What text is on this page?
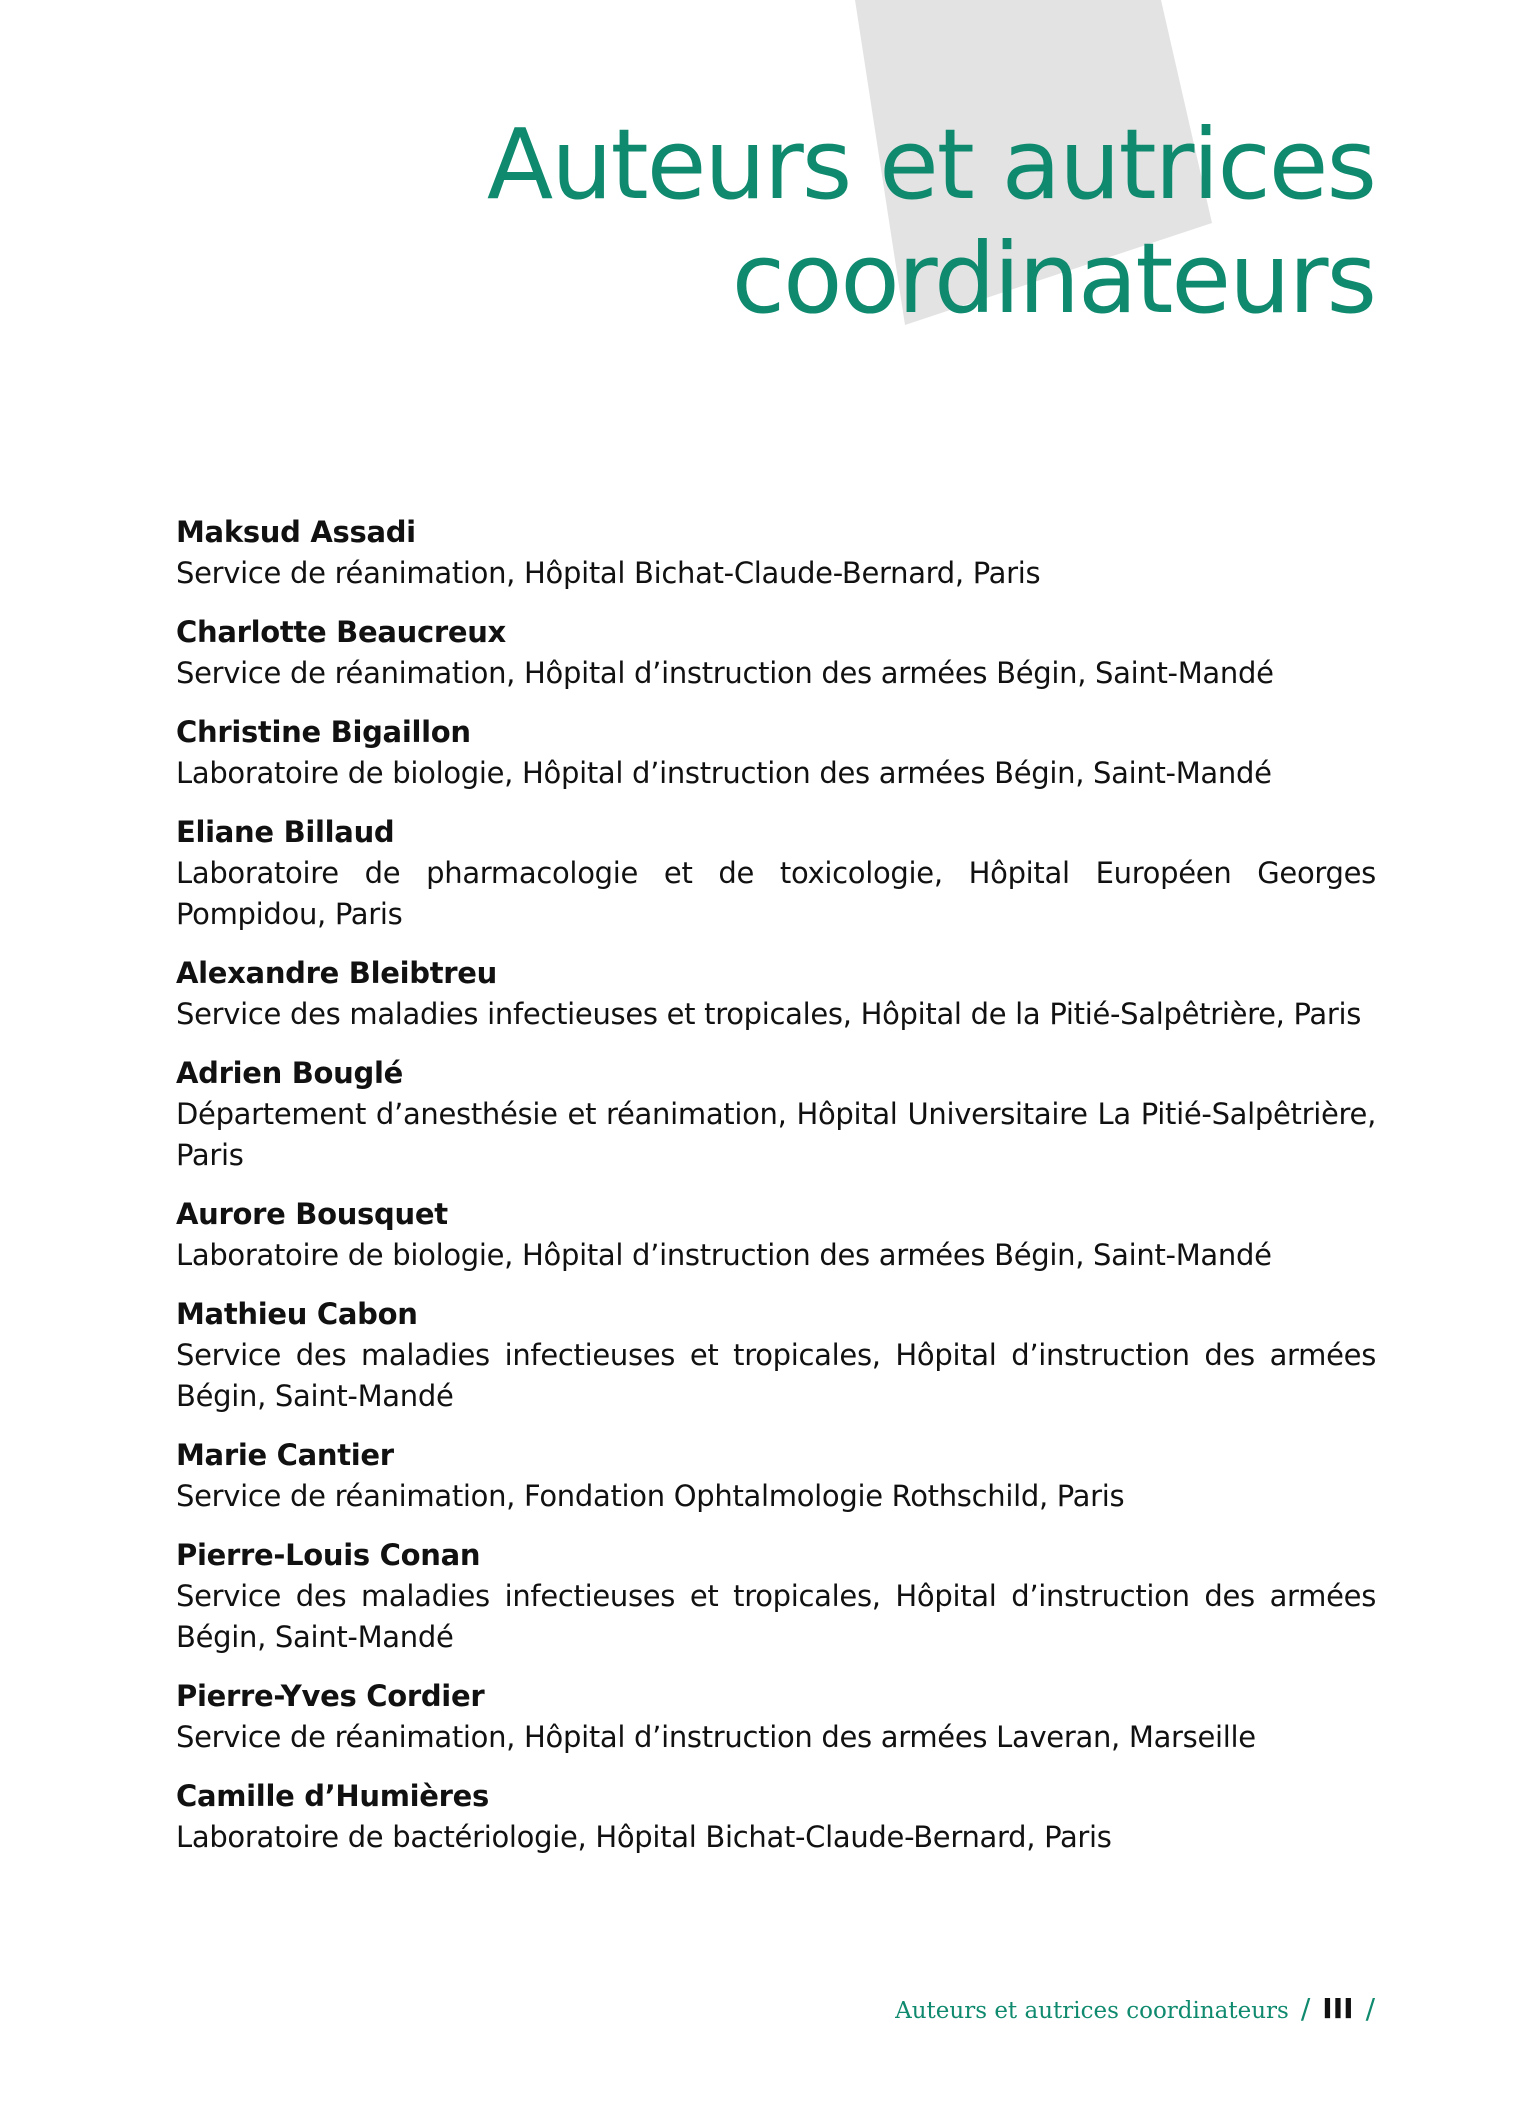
Auteurs et autrices
coordinateurs
Maksud Assadi
Service de réanimation, Hôpital Bichat-Claude-Bernard, Paris
Charlotte Beaucreux
Service de réanimation, Hôpital d’instruction des armées Bégin, Saint-Mandé
Christine Bigaillon
Laboratoire de biologie, Hôpital d’instruction des armées Bégin, Saint-Mandé
Eliane Billaud
Laboratoire de pharmacologie et de toxicologie, Hôpital Européen Georges Pompidou, Paris
Alexandre Bleibtreu
Service des maladies infectieuses et tropicales, Hôpital de la Pitié-Salpêtrière, Paris
Adrien Bouglé
Département d’anesthésie et réanimation, Hôpital Universitaire La Pitié-Salpêtrière, Paris
Aurore Bousquet
Laboratoire de biologie, Hôpital d’instruction des armées Bégin, Saint-Mandé
Mathieu Cabon
Service des maladies infectieuses et tropicales, Hôpital d’instruction des armées Bégin, Saint-Mandé
Marie Cantier
Service de réanimation, Fondation Ophtalmologie Rothschild, Paris
Pierre-Louis Conan
Service des maladies infectieuses et tropicales, Hôpital d’instruction des armées Bégin, Saint-Mandé
Pierre-Yves Cordier
Service de réanimation, Hôpital d’instruction des armées Laveran, Marseille
Camille d’Humières
Laboratoire de bactériologie, Hôpital Bichat-Claude-Bernard, Paris
Auteurs et autrices coordinateurs / III /
